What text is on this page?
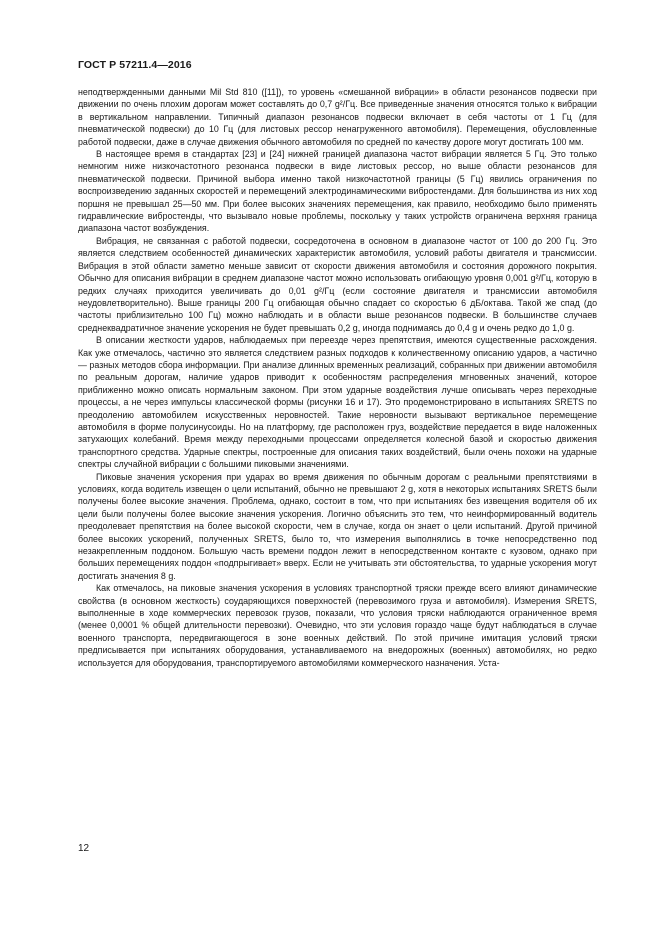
ГОСТ Р 57211.4—2016

неподтвержденными данными Mil Std 810 ([11]), то уровень «смешанной вибрации» в области резонансов подвески при движении по очень плохим дорогам может составлять до 0,7 g²/Гц. Все приведенные значения относятся только к вибрации в вертикальном направлении. Типичный диапазон резонансов подвески включает в себя частоты от 1 Гц (для пневматической подвески) до 10 Гц (для листовых рессор ненагруженного автомобиля). Перемещения, обусловленные работой подвески, даже в случае движения обычного автомобиля по средней по качеству дороге могут достигать 100 мм.

В настоящее время в стандартах [23] и [24] нижней границей диапазона частот вибрации является 5 Гц. Это только немногим ниже низкочастотного резонанса подвески в виде листовых рессор, но выше области резонансов для пневматической подвески. Причиной выбора именно такой низкочастотной границы (5 Гц) явились ограничения по воспроизведению заданных скоростей и перемещений электродинамическими вибростендами. Для большинства из них ход поршня не превышал 25—50 мм. При более высоких значениях перемещения, как правило, необходимо было применять гидравлические вибростенды, что вызывало новые проблемы, поскольку у таких устройств ограничена верхняя граница диапазона частот возбуждения.

Вибрация, не связанная с работой подвески, сосредоточена в основном в диапазоне частот от 100 до 200 Гц. Это является следствием особенностей динамических характеристик автомобиля, условий работы двигателя и трансмиссии. Вибрация в этой области заметно меньше зависит от скорости движения автомобиля и состояния дорожного покрытия. Обычно для описания вибрации в среднем диапазоне частот можно использовать огибающую уровня 0,001 g²/Гц, которую в редких случаях приходится увеличивать до 0,01 g²/Гц (если состояние двигателя и трансмиссии автомобиля неудовлетворительно). Выше границы 200 Гц огибающая обычно спадает со скоростью 6 дБ/октава. Такой же спад (до частоты приблизительно 100 Гц) можно наблюдать и в области выше резонансов подвески. В большинстве случаев среднеквадратичное значение ускорения не будет превышать 0,2 g, иногда поднимаясь до 0,4 g и очень редко до 1,0 g.

В описании жесткости ударов, наблюдаемых при переезде через препятствия, имеются существенные расхождения. Как уже отмечалось, частично это является следствием разных подходов к количественному описанию ударов, а частично — разных методов сбора информации. При анализе длинных временных реализаций, собранных при движении автомобиля по реальным дорогам, наличие ударов приводит к особенностям распределения мгновенных значений, которое приближенно можно описать нормальным законом. При этом ударные воздействия лучше описывать через переходные процессы, а не через импульсы классической формы (рисунки 16 и 17). Это продемонстрировано в испытаниях SRETS по преодолению автомобилем искусственных неровностей. Такие неровности вызывают вертикальное перемещение автомобиля в форме полусинусоиды. Но на платформу, где расположен груз, воздействие передается в виде наложенных затухающих колебаний. Время между переходными процессами определяется колесной базой и скоростью движения транспортного средства. Ударные спектры, построенные для описания таких воздействий, были очень похожи на ударные спектры случайной вибрации с большими пиковыми значениями.

Пиковые значения ускорения при ударах во время движения по обычным дорогам с реальными препятствиями в условиях, когда водитель извещен о цели испытаний, обычно не превышают 2 g, хотя в некоторых испытаниях SRETS были получены более высокие значения. Проблема, однако, состоит в том, что при испытаниях без извещения водителя об их цели были получены более высокие значения ускорения. Логично объяснить это тем, что неинформированный водитель преодолевает препятствия на более высокой скорости, чем в случае, когда он знает о цели испытаний. Другой причиной более высоких ускорений, полученных SRETS, было то, что измерения выполнялись в точке непосредственно под незакрепленным поддоном. Большую часть времени поддон лежит в непосредственном контакте с кузовом, однако при больших перемещениях поддон «подпрыгивает» вверх. Если не учитывать эти обстоятельства, то ударные ускорения могут достигать значения 8 g.

Как отмечалось, на пиковые значения ускорения в условиях транспортной тряски прежде всего влияют динамические свойства (в основном жесткость) соударяющихся поверхностей (перевозимого груза и автомобиля). Измерения SRETS, выполненные в ходе коммерческих перевозок грузов, показали, что условия тряски наблюдаются ограниченное время (менее 0,0001 % общей длительности перевозки). Очевидно, что эти условия гораздо чаще будут наблюдаться в случае военного транспорта, передвигающегося в зоне военных действий. По этой причине имитация условий тряски предписывается при испытаниях оборудования, устанавливаемого на внедорожных (военных) автомобилях, но редко используется для оборудования, транспортируемого автомобилями коммерческого назначения. Уста-

12
